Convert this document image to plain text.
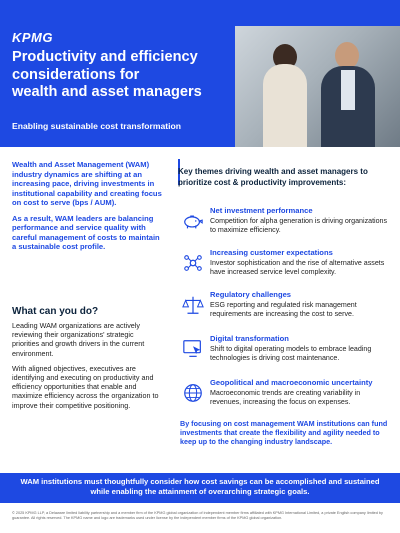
KPMG
Productivity and efficiency
considerations for
wealth and asset managers
Enabling sustainable cost transformation

Wealth and Asset Management (WAM) industry dynamics are shifting at an increasing pace, driving investments in institutional capability and creating focus on cost to serve (bps / AUM).

As a result, WAM leaders are balancing performance and service quality with careful management of costs to maintain a sustainable cost profile.

What can you do?

Leading WAM organizations are actively reviewing their organizations' strategic priorities and growth drivers in the current environment.

With aligned objectives, executives are identifying and executing on productivity and efficiency opportunities that enable and maximize efficiency across the organization to improve their competitive positioning.

Key themes driving wealth and asset managers to
prioritize cost & productivity improvements:
Net investment performance
Competition for alpha generation is driving organizations to maximize efficiency.
Increasing customer expectations
Investor sophistication and the rise of alternative assets have increased service level complexity.
Regulatory challenges
ESG reporting and regulated risk management requirements are increasing the cost to serve.
Digital transformation
Shift to digital operating models to embrace leading technologies is driving cost maintenance.
Geopolitical and macroeconomic uncertainty
Macroeconomic trends are creating variability in revenues, increasing the focus on expenses.
By focusing on cost management WAM institutions can fund investments that create the flexibility and agility needed to keep up to the changing industry landscape.
WAM institutions must thoughtfully consider how cost savings can be accomplished and sustained while enabling the attainment of overarching strategic goals.
© 2025 KPMG LLP, a Delaware limited liability partnership and a member firm of the KPMG global organization of independent member firms affiliated with KPMG International Limited, a private English company limited by guarantee. All rights reserved. The KPMG name and logo are trademarks used under license by the independent member firms of the KPMG global organization.
